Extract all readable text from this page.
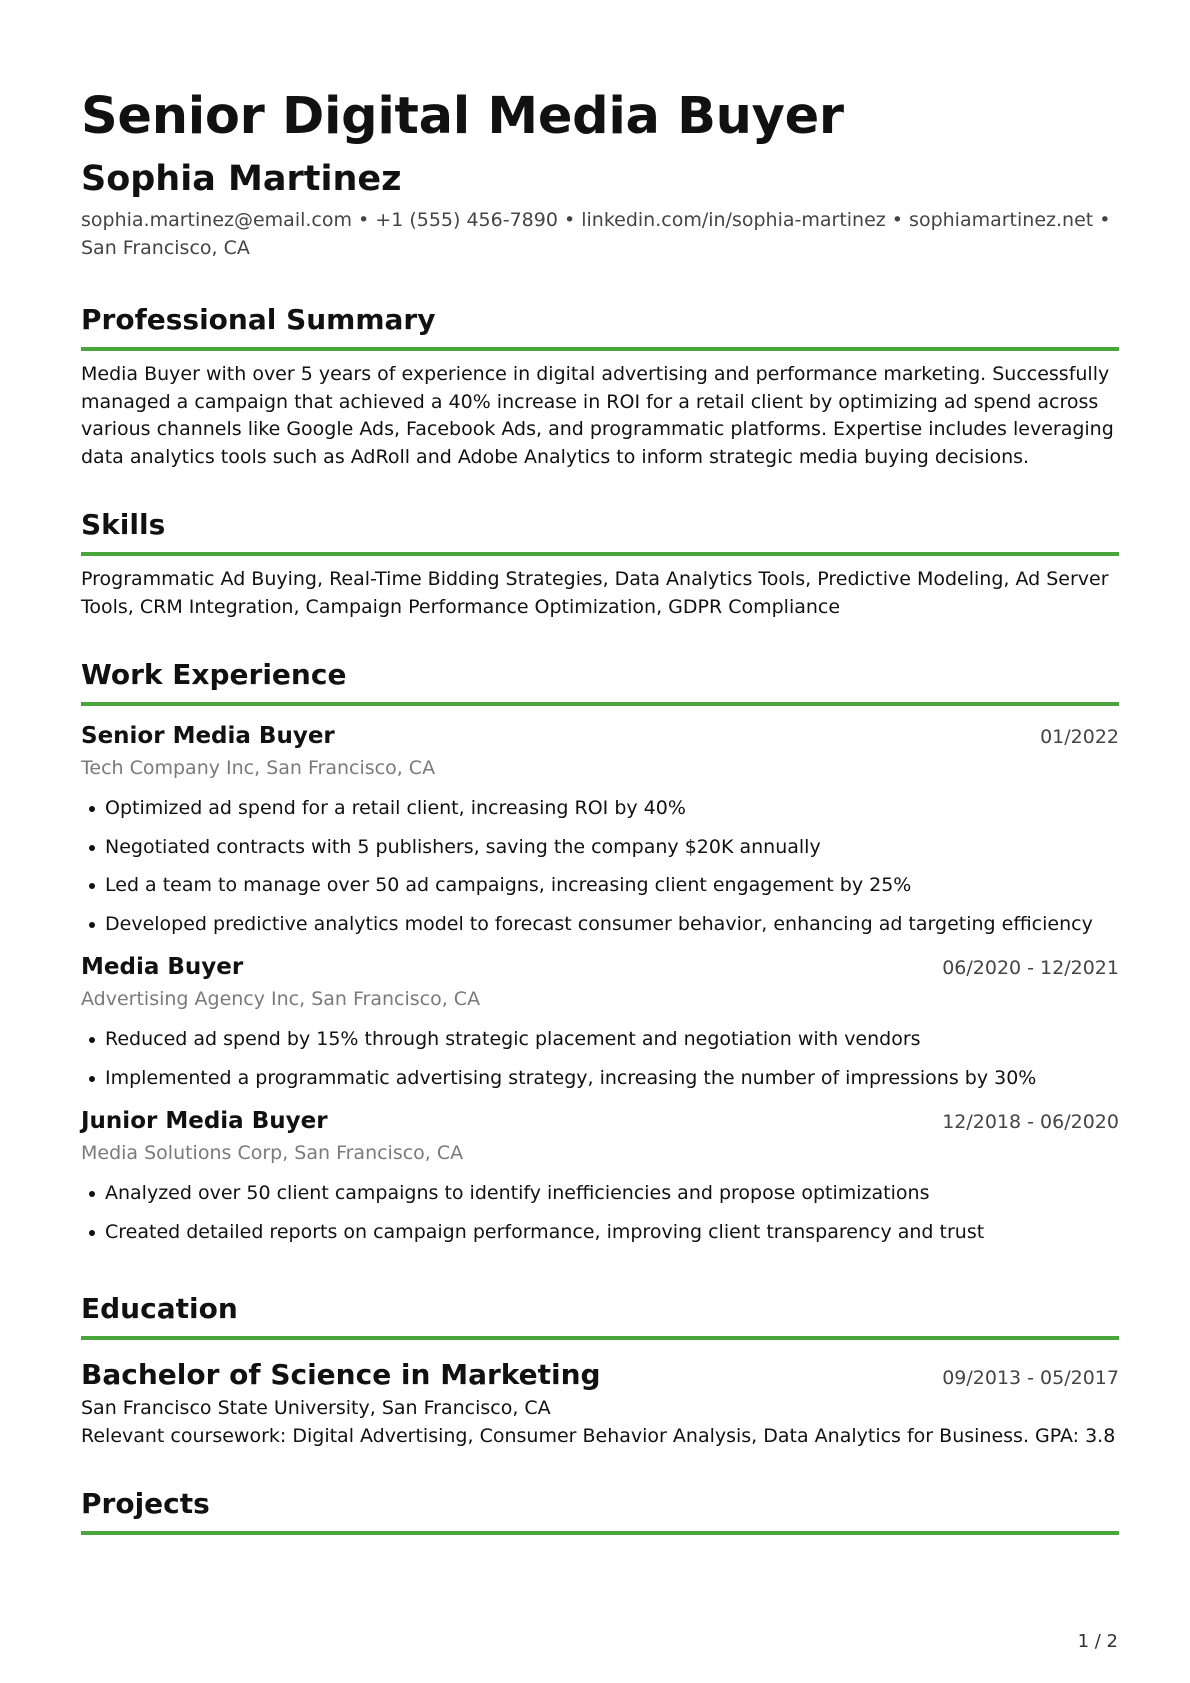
Senior Digital Media Buyer
Sophia Martinez

sophia.martinez@email.com • +1 (555) 456-7890 • linkedin.com/in/sophia-martinez • sophiamartinez.net • San Francisco, CA

Professional Summary

Media Buyer with over 5 years of experience in digital advertising and performance marketing. Successfully managed a campaign that achieved a 40% increase in ROI for a retail client by optimizing ad spend across various channels like Google Ads, Facebook Ads, and programmatic platforms. Expertise includes leveraging data analytics tools such as AdRoll and Adobe Analytics to inform strategic media buying decisions.

Skills

Programmatic Ad Buying, Real-Time Bidding Strategies, Data Analytics Tools, Predictive Modeling, Ad Server Tools, CRM Integration, Campaign Performance Optimization, GDPR Compliance

Work Experience
Senior Media Buyer	01/2022
Tech Company Inc, San Francisco, CA
Optimized ad spend for a retail client, increasing ROI by 40%
Negotiated contracts with 5 publishers, saving the company $20K annually
Led a team to manage over 50 ad campaigns, increasing client engagement by 25%
Developed predictive analytics model to forecast consumer behavior, enhancing ad targeting efficiency
Media Buyer	06/2020 - 12/2021
Advertising Agency Inc, San Francisco, CA
Reduced ad spend by 15% through strategic placement and negotiation with vendors
Implemented a programmatic advertising strategy, increasing the number of impressions by 30%
Junior Media Buyer	12/2018 - 06/2020
Media Solutions Corp, San Francisco, CA
Analyzed over 50 client campaigns to identify inefficiencies and propose optimizations
Created detailed reports on campaign performance, improving client transparency and trust
Education
Bachelor of Science in Marketing	09/2013 - 05/2017
San Francisco State University, San Francisco, CA
Relevant coursework: Digital Advertising, Consumer Behavior Analysis, Data Analytics for Business. GPA: 3.8
Projects
1 / 2
